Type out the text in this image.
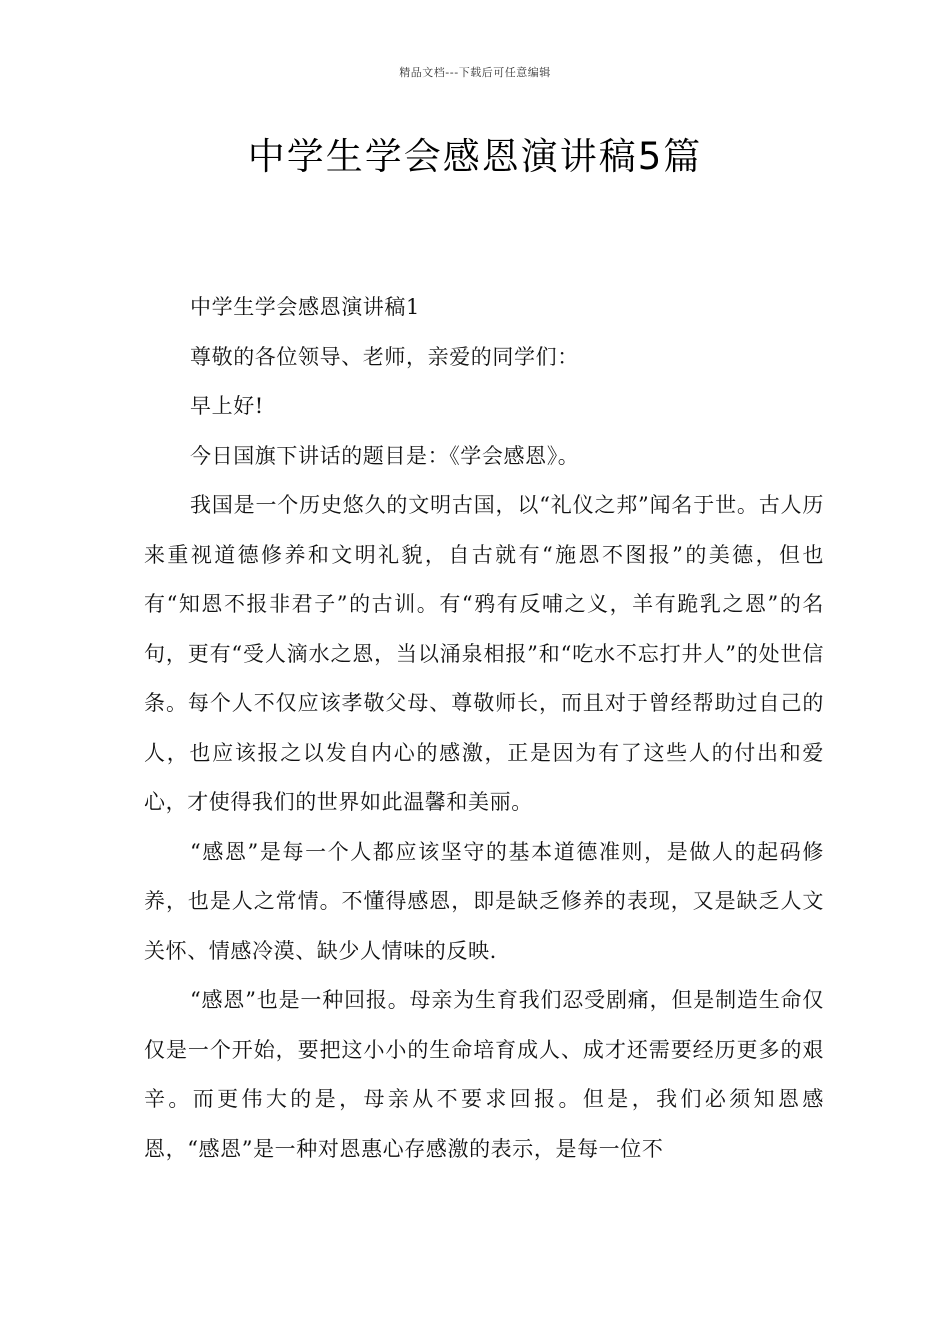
精品文档---下载后可任意编辑
中学生学会感恩演讲稿5篇

中学生学会感恩演讲稿1

尊敬的各位领导、老师，亲爱的同学们：

早上好!

今日国旗下讲话的题目是：《学会感恩》。

我国是一个历史悠久的文明古国，以“礼仪之邦”闻名于世。古人历来重视道德修养和文明礼貌，自古就有“施恩不图报”的美德，但也有“知恩不报非君子”的古训。有“鸦有反哺之义，羊有跪乳之恩”的名句，更有“受人滴水之恩，当以涌泉相报”和“吃水不忘打井人”的处世信条。每个人不仅应该孝敬父母、尊敬师长，而且对于曾经帮助过自己的人，也应该报之以发自内心的感激，正是因为有了这些人的付出和爱心，才使得我们的世界如此温馨和美丽。

“感恩”是每一个人都应该坚守的基本道德准则，是做人的起码修养，也是人之常情。不懂得感恩，即是缺乏修养的表现，又是缺乏人文关怀、情感冷漠、缺少人情味的反映.

“感恩”也是一种回报。母亲为生育我们忍受剧痛，但是制造生命仅仅是一个开始，要把这小小的生命培育成人、成才还需要经历更多的艰辛。而更伟大的是，母亲从不要求回报。但是，我们必须知恩感恩，“感恩”是一种对恩惠心存感激的表示，是每一位不
